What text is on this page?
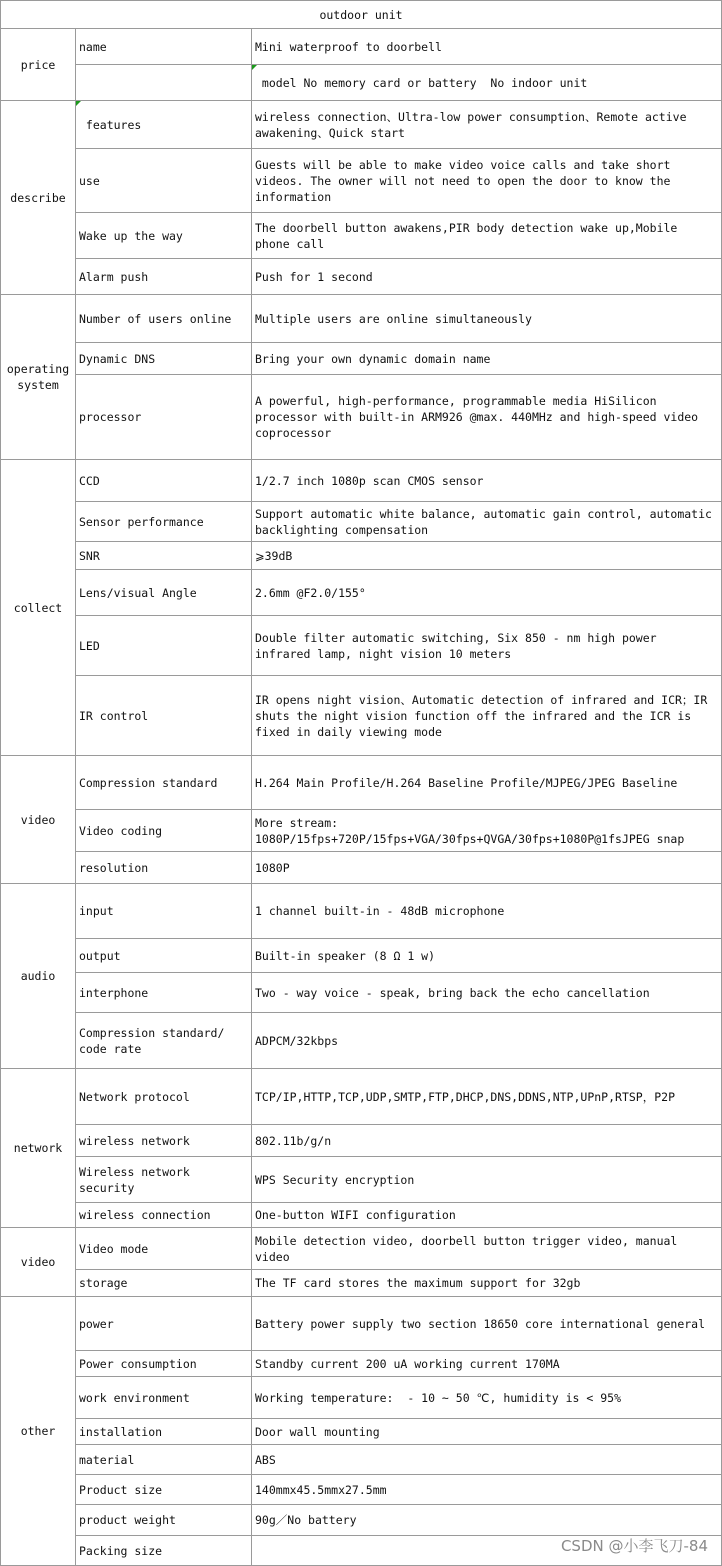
outdoor unit		
price	name	Mini waterproof to doorbell
		model No memory card or battery  No indoor unit
describe	features	wireless connection、Ultra-low power consumption、Remote active awakening、Quick start
	use	Guests will be able to make video voice calls and take short videos. The owner will not need to open the door to know the information
	Wake up the way	The doorbell button awakens,PIR body detection wake up,Mobile phone call
	Alarm push	Push for 1 second
operating system	Number of users online	Multiple users are online simultaneously
	Dynamic DNS	Bring your own dynamic domain name
	processor	A powerful, high-performance, programmable media HiSilicon processor with built-in ARM926 @max. 440MHz and high-speed video coprocessor
collect	CCD	1/2.7 inch 1080p scan CMOS sensor
	Sensor performance	Support automatic white balance, automatic gain control, automatic backlighting compensation
	SNR	⩾39dB
	Lens/visual Angle	2.6mm @F2.0/155°
	LED	Double filter automatic switching, Six 850 - nm high power infrared lamp, night vision 10 meters
	IR control	IR opens night vision、Automatic detection of infrared and ICR；IR shuts the night vision function off the infrared and the ICR is fixed in daily viewing mode
video	Compression standard	H.264 Main Profile/H.264 Baseline Profile/MJPEG/JPEG Baseline
	Video coding	More stream:
1080P/15fps+720P/15fps+VGA/30fps+QVGA/30fps+1080P@1fsJPEG snap
	resolution	1080P
audio	input	1 channel built-in - 48dB microphone
	output	Built-in speaker (8 Ω 1 w)
	interphone	Two - way voice - speak, bring back the echo cancellation
	Compression standard/ code rate	ADPCM/32kbps
network	Network protocol	TCP/IP,HTTP,TCP,UDP,SMTP,FTP,DHCP,DNS,DDNS,NTP,UPnP,RTSP，P2P
	wireless network	802.11b/g/n
	Wireless network security	WPS Security encryption
	wireless connection	One-button WIFI configuration
video	Video mode	Mobile detection video, doorbell button trigger video, manual video
	storage	The TF card stores the maximum support for 32gb
other	power	Battery power supply two section 18650 core international general
	Power consumption	Standby current 200 uA working current 170MA
	work environment	Working temperature:  - 10 ~ 50 ℃, humidity is < 95%
	installation	Door wall mounting
	material	ABS
	Product size	140mmx45.5mmx27.5mm
	product weight	90g／No battery
	Packing size		CSDN @小李飞刀-84
